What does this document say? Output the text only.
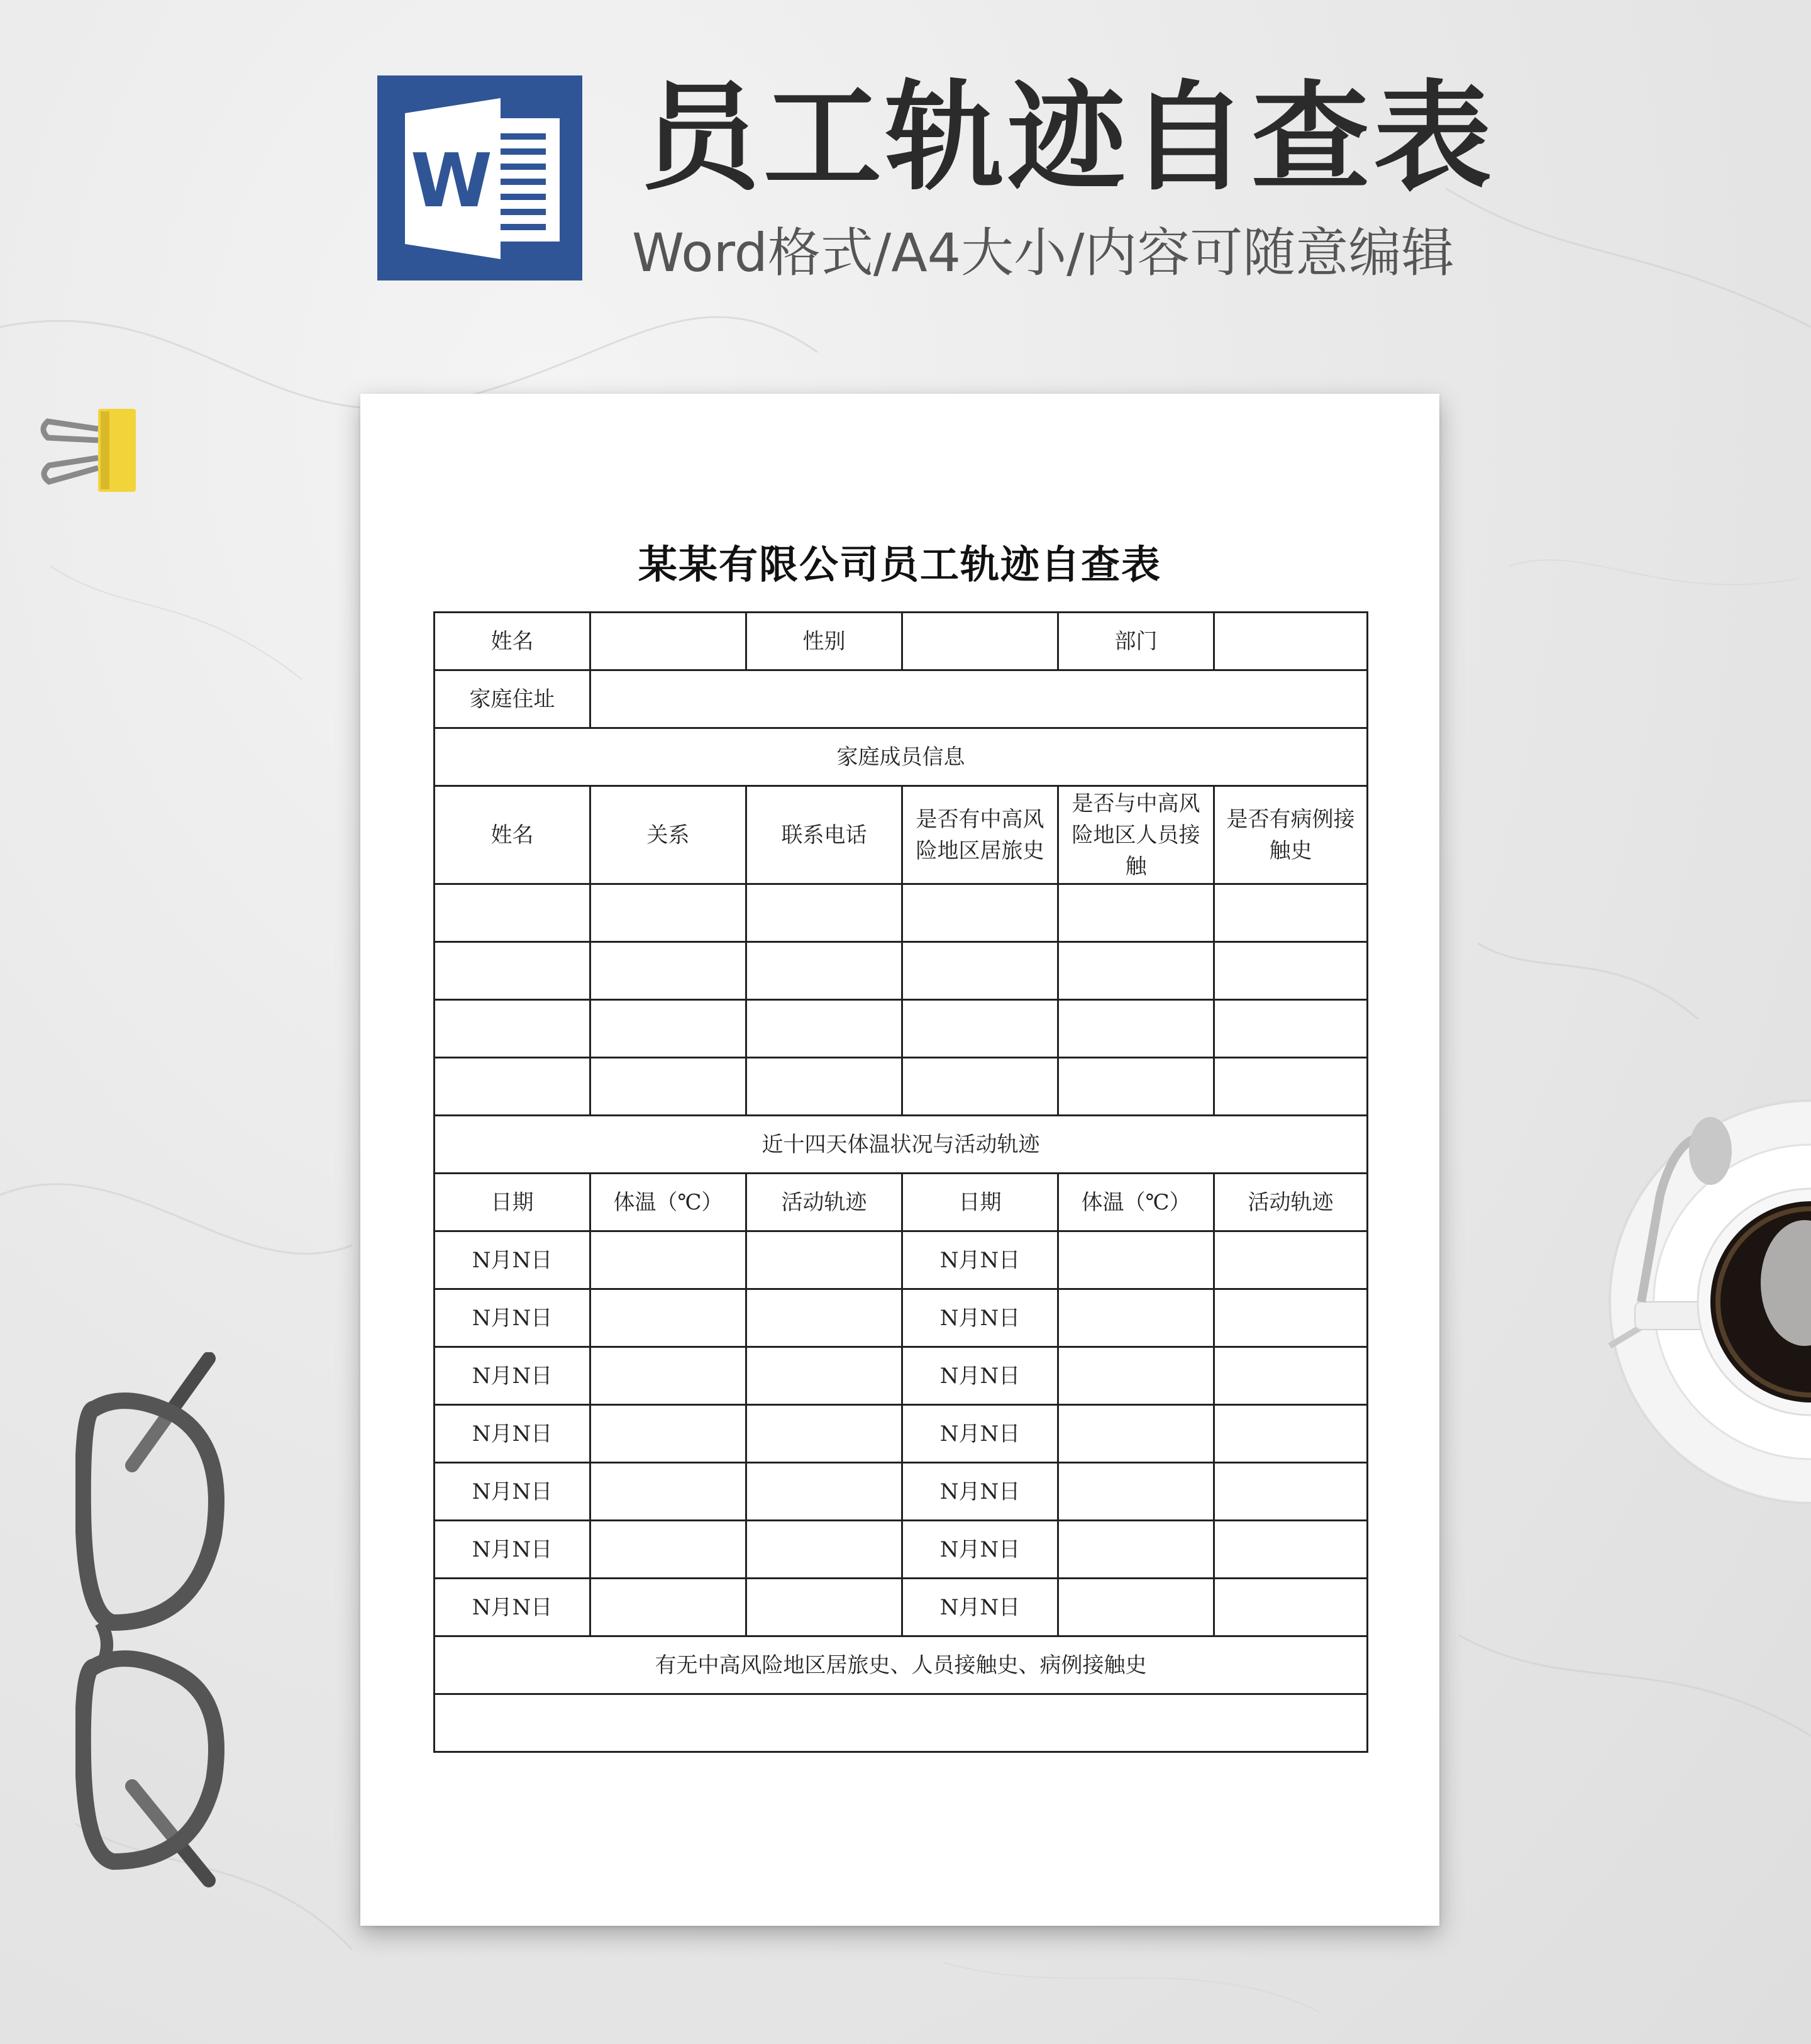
W 员工轨迹自查表
Word格式/A4大小/内容可随意编辑
某某有限公司员工轨迹自查表
姓名		性别		部门	
家庭住址					
家庭成员信息					
姓名	关系	联系电话	是否有中高风险地区居旅史	是否与中高风险地区人员接触	是否有病例接触史

近十四天体温状况与活动轨迹					
日期	体温（℃）	活动轨迹	日期	体温（℃）	活动轨迹
N月N日			N月N日		
N月N日			N月N日		
N月N日			N月N日		
N月N日			N月N日		
N月N日			N月N日		
N月N日			N月N日		
N月N日			N月N日		
有无中高风险地区居旅史、人员接触史、病例接触史					
